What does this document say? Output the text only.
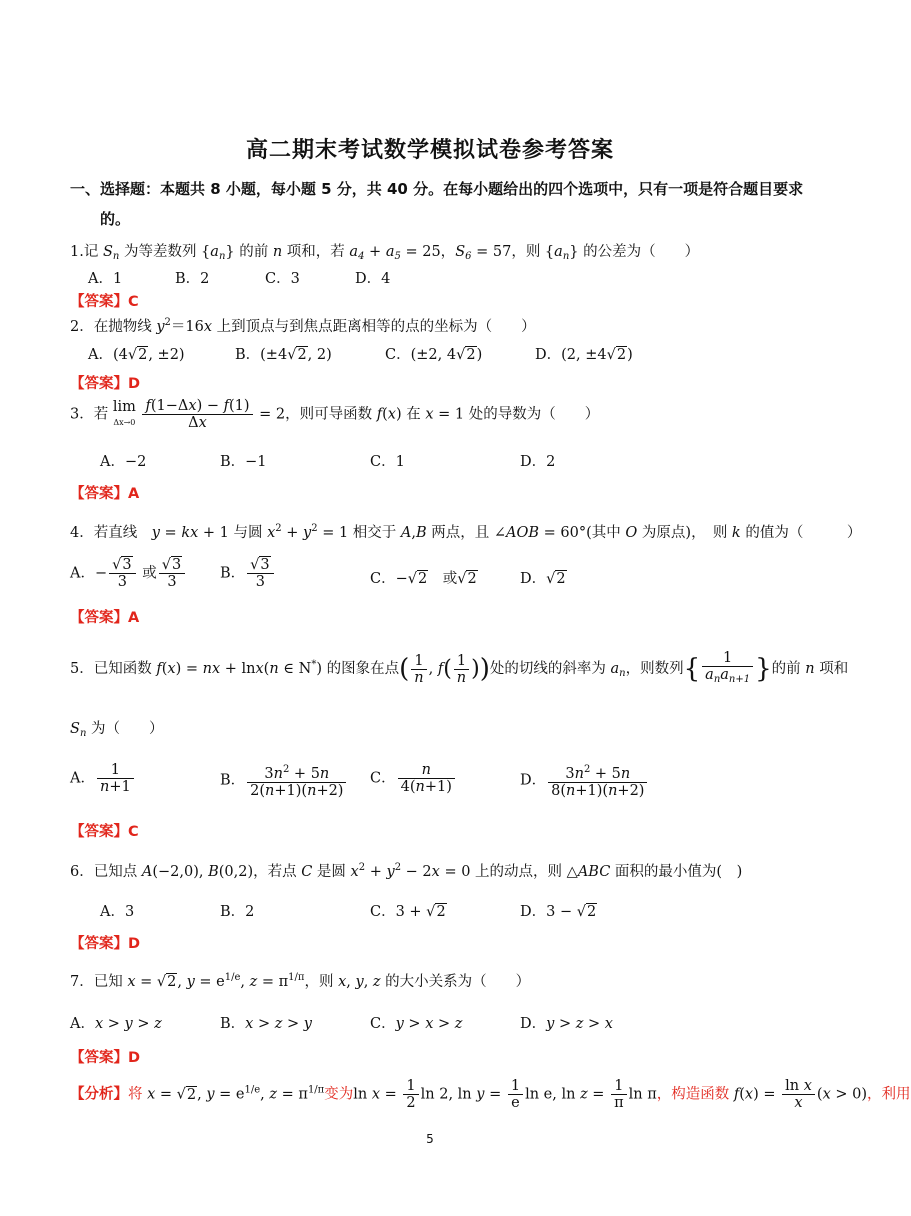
高二期末考试数学模拟试卷参考答案
一、选择题：本题共 8 小题，每小题 5 分，共 40 分。在每小题给出的四个选项中，只有一项是符合题目要求
的。
1.记 $S_n$ 为等差数列 $\{a_n\}$ 的前 n 项和，若 $a_4 + a_5 = 25$，$S_6 = 57$，则 $\{a_n\}$ 的公差为（　　）
A．1	B．2	C．3	D．4
【答案】C
2．在抛物线 $y^2=16x$ 上到顶点与到焦点距离相等的点的坐标为（　　）
A．(4√2, ±2)	B．(±4√2, 2)	C．(±2, 4√2)	D．(2, ±4√2)
【答案】D
3．若 lim
$\Delta x\to 0 \frac{f(1-\Delta x) - f(1)}{\Delta x} = 2$，则可导函数 f(x) 在 x = 1 处的导数为（　　）
A．−2	B．−1	C．1	D．2
【答案】A
4．若直线　y = kx + 1 与圆 $x^2 + y^2 = 1$ 相交于 A,B 两点，且 ∠AOB = 60°(其中 O 为原点)，　则 k 的值为（　　　）
A．− $\frac{√3}{3}$ 或 $\frac{√3}{3}$ B． $\frac{√3}{3}$	C．−√2　或√2	D．√2
【答案】A
5．已知函数 f(x) = nx + lnx(n ∈ N*) 的图象在点( $\frac{1}{n}$ , $f( \frac{1}{n}$ ))处的切线的斜率为 $a_n$，则数列{ $\frac{1}{a_na_{n+1}}$ }的前 n 项和
$S_n$ 为（　　）
A． $\frac{1}{n+1}$	B． $\frac{3n^2 + 5n}{2(n+1)(n+2)}$ C． $\frac{n}{4(n+1)}$	D． $\frac{3n^2 + 5n}{8(n+1)(n+2)}$
【答案】C
6．已知点 A(−2,0), B(0,2)，若点 C 是圆 $x^2 + y^2 - 2x = 0$ 上的动点，则 △ABC 面积的最小值为(　)
A．3	B．2	C．3 + √2	D．3 − √2
【答案】D
7．已知 x = √2, $y = e^{1/e}$, $z = \pi^{1/\pi}$，则 x, y, z 的大小关系为（　　）
A．x > y > z	B．x > z > y	C．y > x > z	D．y > z > x
【答案】D
【分析】将 x = √2, $y = e^{1/e}$, $z = \pi^{1/\pi}$变为$\ln x = \frac{1}{2}$ ln 2, $\ln y = \frac{1}{e}$ ln e, $\ln z = \frac{1}{\pi}$ ln π，构造函数 $f(x) = \frac{\text{ln x}}{x} (x > 0)$，利用
5
